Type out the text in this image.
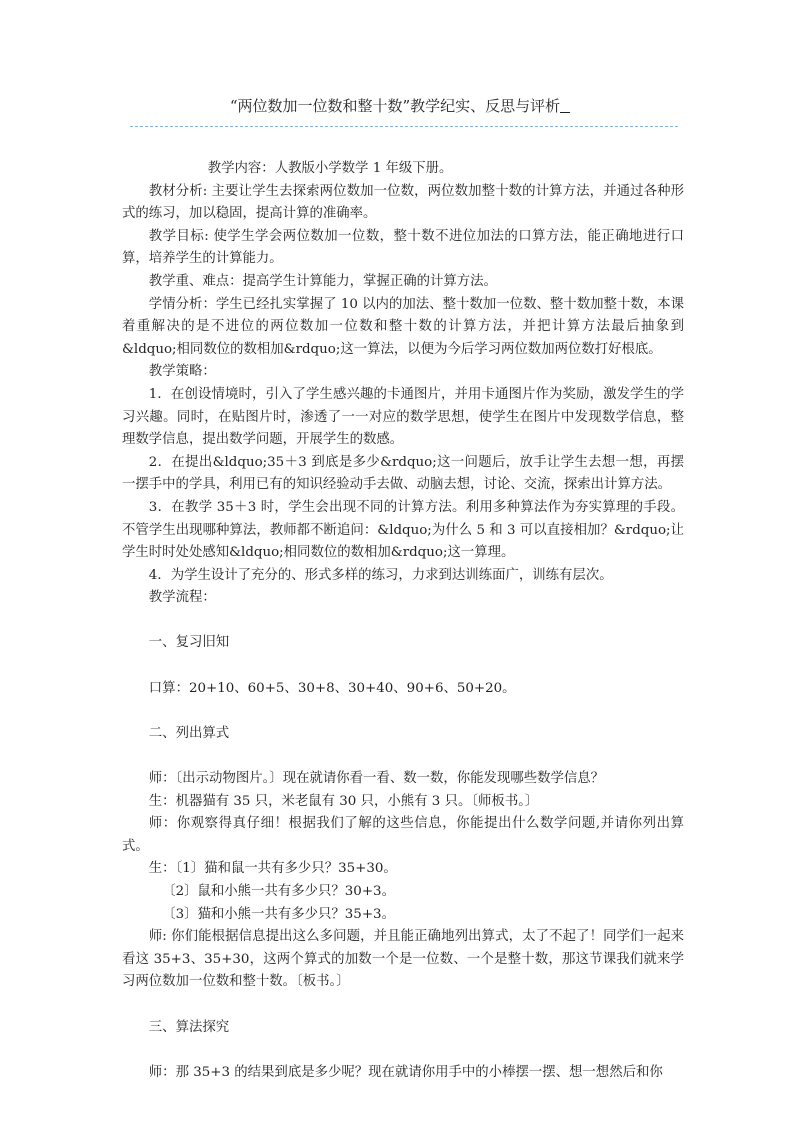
“两位数加一位数和整十数”教学纪实、反思与评析

教学内容：人教版小学数学 1 年级下册。

教材分析: 主要让学生去探索两位数加一位数，两位数加整十数的计算方法，并通过各种形式的练习，加以稳固，提高计算的准确率。

教学目标: 使学生学会两位数加一位数，整十数不进位加法的口算方法，能正确地进行口算，培养学生的计算能力。

教学重、难点：提高学生计算能力，掌握正确的计算方法。

学情分析：学生已经扎实掌握了 10 以内的加法、整十数加一位数、整十数加整十数，本课着重解决的是不进位的两位数加一位数和整十数的计算方法，并把计算方法最后抽象到&ldquo;相同数位的数相加&rdquo;这一算法，以便为今后学习两位数加两位数打好根底。

教学策略：

1．在创设情境时，引入了学生感兴趣的卡通图片，并用卡通图片作为奖励，激发学生的学习兴趣。同时，在贴图片时，渗透了一一对应的数学思想，使学生在图片中发现数学信息，整理数学信息，提出数学问题，开展学生的数感。

2．在提出&ldquo;35＋3 到底是多少&rdquo;这一问题后，放手让学生去想一想，再摆一摆手中的学具，利用已有的知识经验动手去做、动脑去想，讨论、交流，探索出计算方法。

3．在教学 35＋3 时，学生会出现不同的计算方法。利用多种算法作为夯实算理的手段。不管学生出现哪种算法，教师都不断追问：&ldquo;为什么 5 和 3 可以直接相加？&rdquo;让学生时时处处感知&ldquo;相同数位的数相加&rdquo;这一算理。

4．为学生设计了充分的、形式多样的练习，力求到达训练面广，训练有层次。

教学流程：

一、复习旧知

口算：20+10、60+5、30+8、30+40、90+6、50+20。

二、列出算式

师：〔出示动物图片。〕现在就请你看一看、数一数，你能发现哪些数学信息？

生：机器猫有 35 只，米老鼠有 30 只，小熊有 3 只。〔师板书。〕

师：你观察得真仔细！根据我们了解的这些信息，你能提出什么数学问题,并请你列出算式。

生：〔1〕猫和鼠一共有多少只？35+30。

〔2〕鼠和小熊一共有多少只？30+3。

〔3〕猫和小熊一共有多少只？35+3。

师: 你们能根据信息提出这么多问题，并且能正确地列出算式，太了不起了！同学们一起来看这 35+3、35+30，这两个算式的加数一个是一位数、一个是整十数，那这节课我们就来学习两位数加一位数和整十数。〔板书。〕

三、算法探究

师：那 35+3 的结果到底是多少呢？现在就请你用手中的小棒摆一摆、想一想然后和你
